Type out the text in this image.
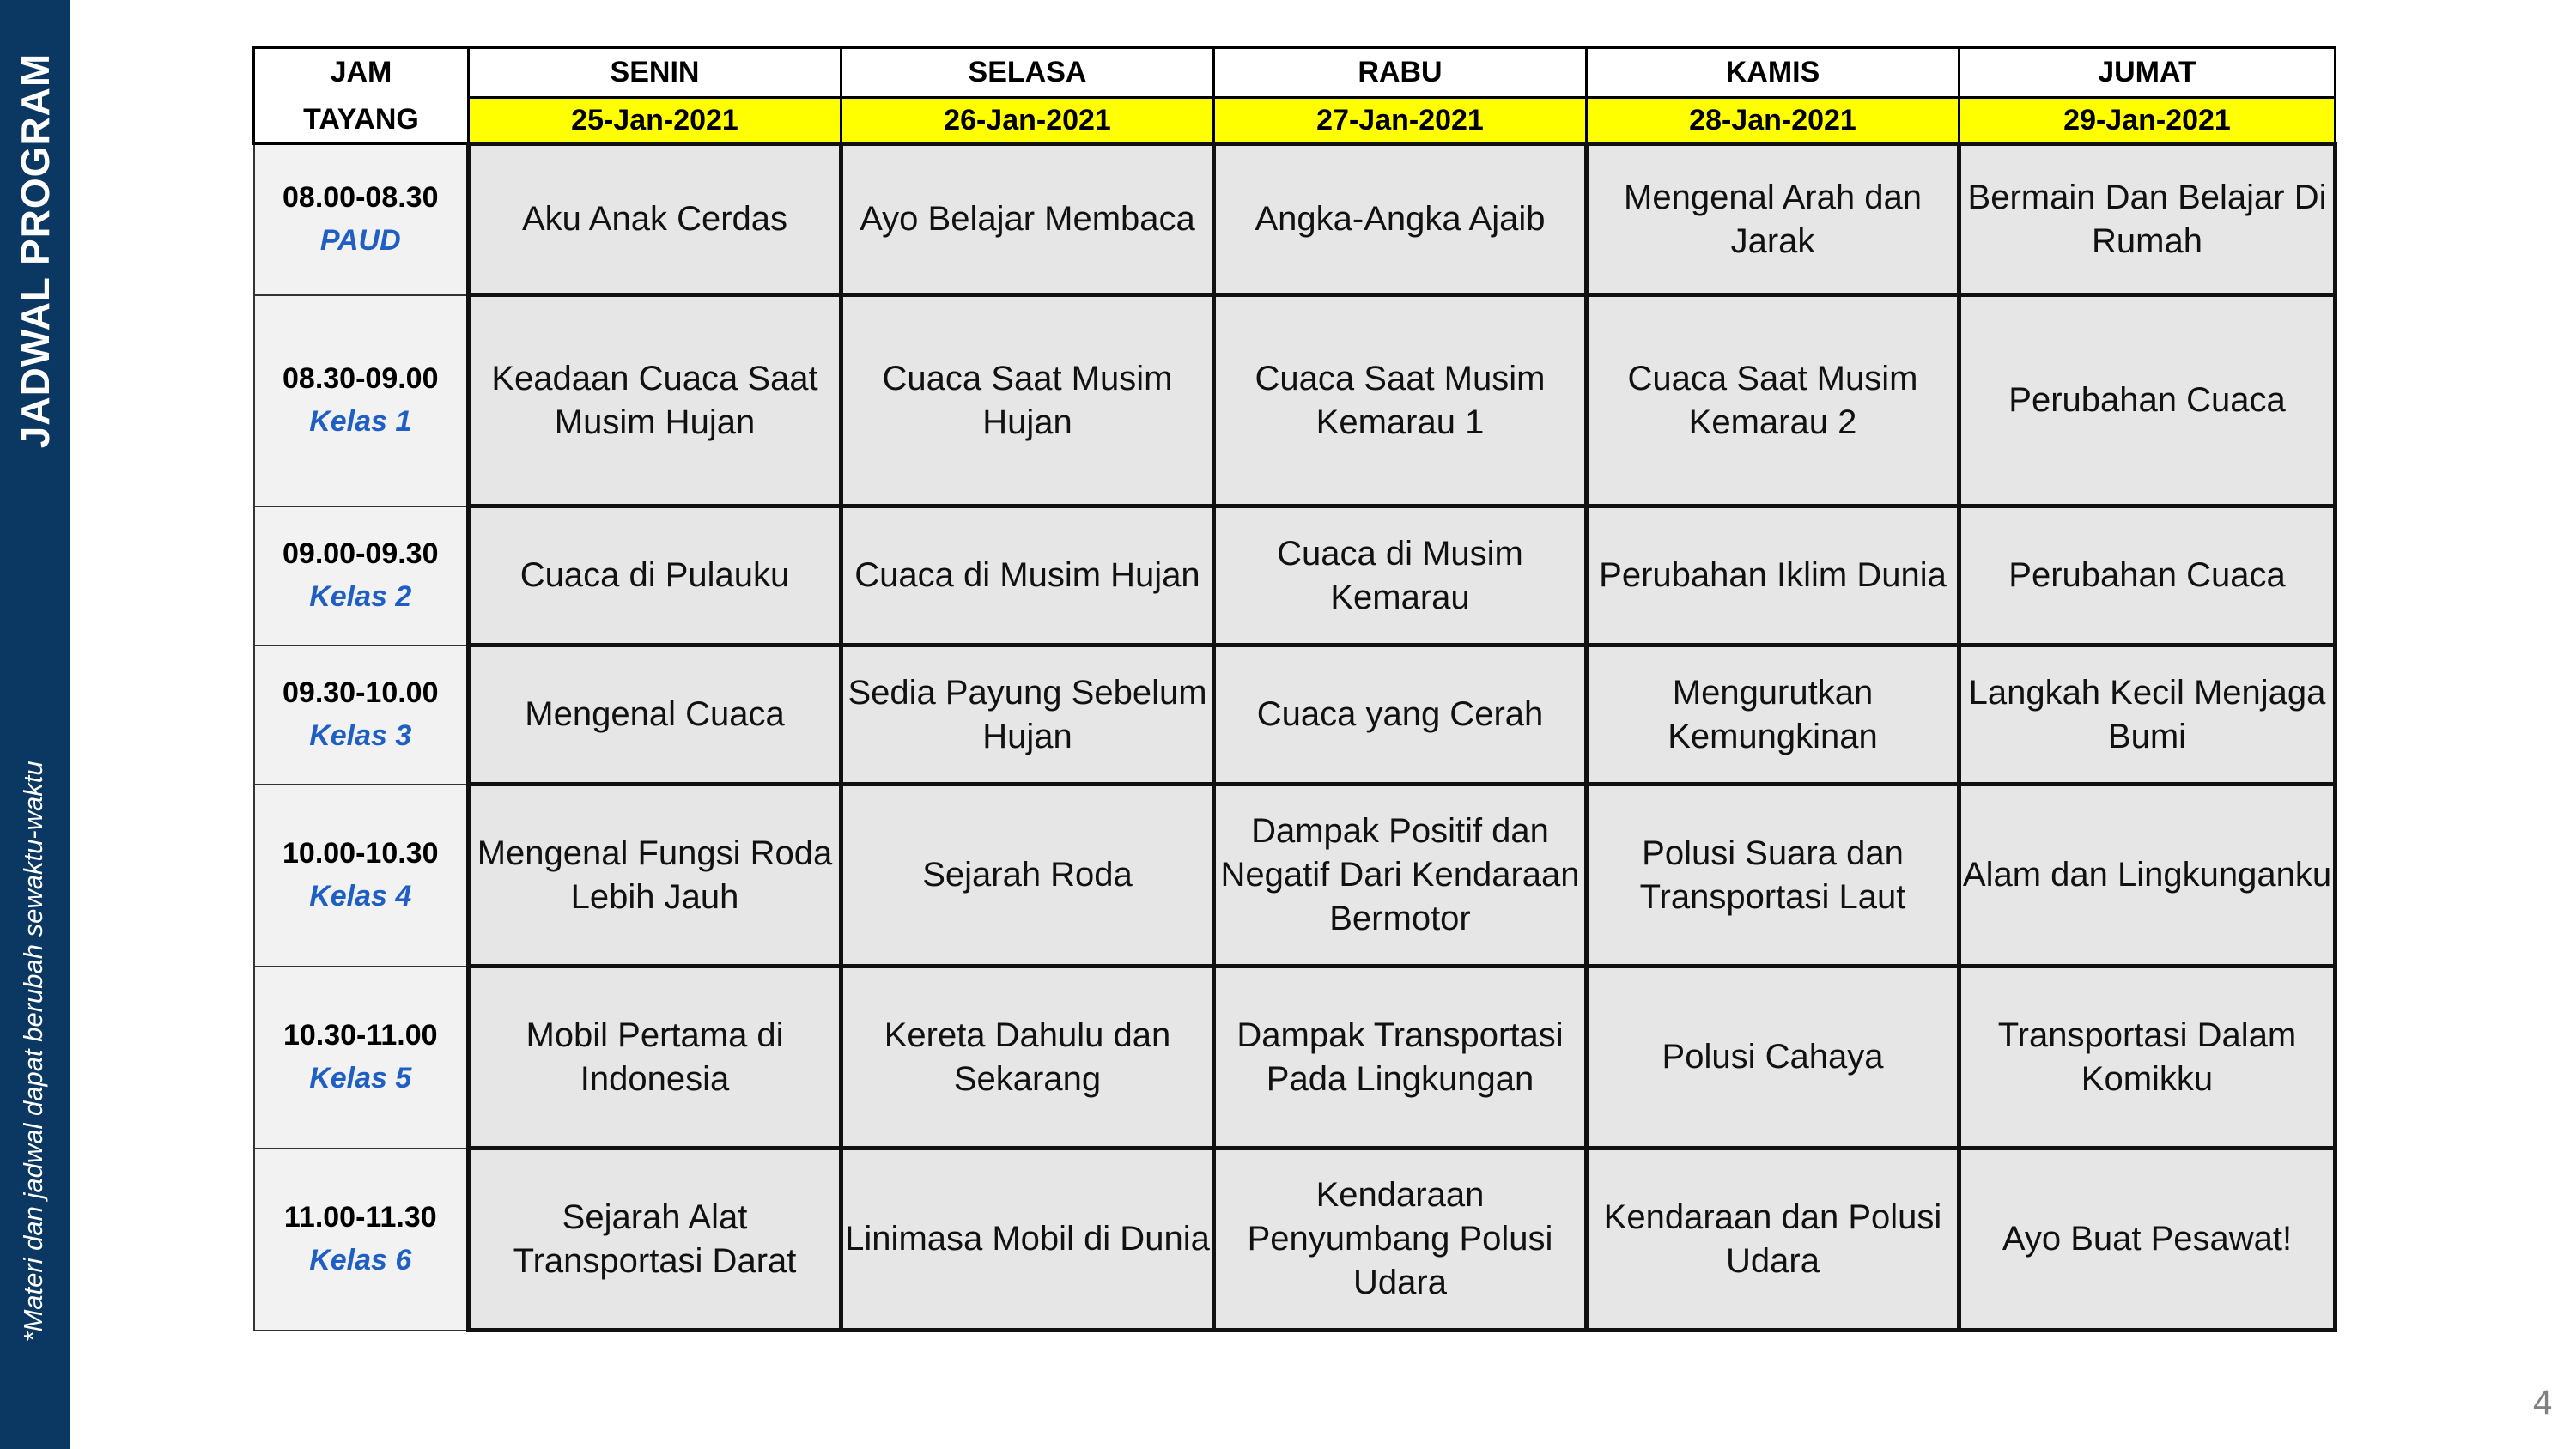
JADWAL PROGRAM
*Materi dan jadwal dapat berubah sewaktu-waktu
JAM TAYANG	SENIN	SELASA	RABU	KAMIS	JUMAT
	25-Jan-2021	26-Jan-2021	27-Jan-2021	28-Jan-2021	29-Jan-2021

08.00-08.30
PAUD	Aku Anak Cerdas	Ayo Belajar Membaca	Angka-Angka Ajaib	Mengenal Arah dan Jarak	Bermain Dan Belajar Di Rumah

08.30-09.00
Kelas 1	Keadaan Cuaca Saat Musim Hujan	Cuaca Saat Musim Hujan	Cuaca Saat Musim Kemarau 1	Cuaca Saat Musim Kemarau 2	Perubahan Cuaca

09.00-09.30
Kelas 2	Cuaca di Pulauku	Cuaca di Musim Hujan	Cuaca di Musim Kemarau	Perubahan Iklim Dunia	Perubahan Cuaca

09.30-10.00
Kelas 3	Mengenal Cuaca	Sedia Payung Sebelum Hujan	Cuaca yang Cerah	Mengurutkan Kemungkinan	Langkah Kecil Menjaga Bumi

10.00-10.30
Kelas 4	Mengenal Fungsi Roda Lebih Jauh	Sejarah Roda	Dampak Positif dan Negatif Dari Kendaraan Bermotor	Polusi Suara dan Transportasi Laut	Alam dan Lingkunganku

10.30-11.00
Kelas 5	Mobil Pertama di Indonesia	Kereta Dahulu dan Sekarang	Dampak Transportasi Pada Lingkungan	Polusi Cahaya	Transportasi Dalam Komikku

11.00-11.30
Kelas 6	Sejarah Alat Transportasi Darat	Linimasa Mobil di Dunia	Kendaraan Penyumbang Polusi Udara	Kendaraan dan Polusi Udara	Ayo Buat Pesawat!
4
